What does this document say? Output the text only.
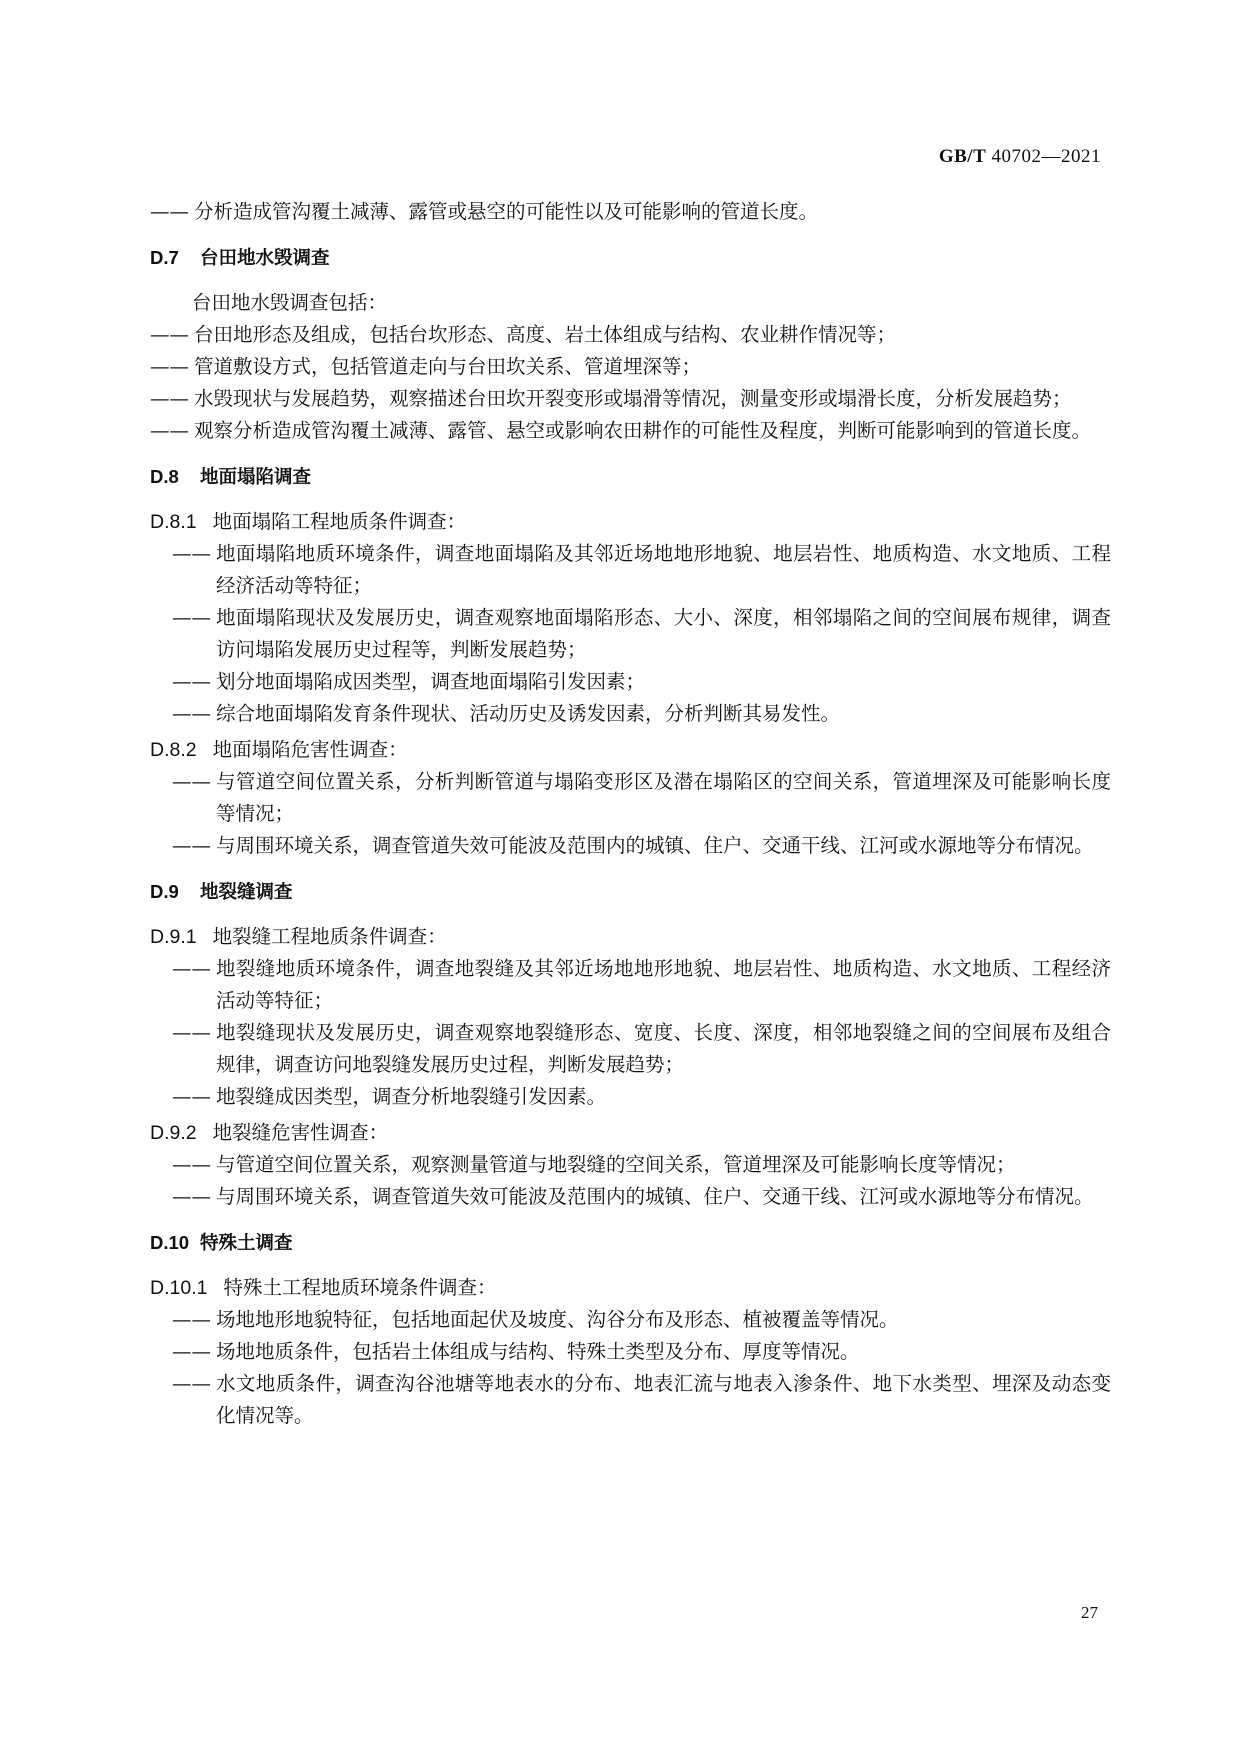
GB/T 40702—2021
—— 分析造成管沟覆土减薄、露管或悬空的可能性以及可能影响的管道长度。
D.7 台田地水毁调查
台田地水毁调查包括：
—— 台田地形态及组成，包括台坎形态、高度、岩土体组成与结构、农业耕作情况等；
—— 管道敷设方式，包括管道走向与台田坎关系、管道埋深等；
—— 水毁现状与发展趋势，观察描述台田坎开裂变形或塌滑等情况，测量变形或塌滑长度，分析发展趋势；
—— 观察分析造成管沟覆土减薄、露管、悬空或影响农田耕作的可能性及程度，判断可能影响到的管道长度。
D.8 地面塌陷调查
D.8.1 地面塌陷工程地质条件调查：
—— 地面塌陷地质环境条件，调查地面塌陷及其邻近场地地形地貌、地层岩性、地质构造、水文地质、工程经济活动等特征；
—— 地面塌陷现状及发展历史，调查观察地面塌陷形态、大小、深度，相邻塌陷之间的空间展布规律，调查访问塌陷发展历史过程等，判断发展趋势；
—— 划分地面塌陷成因类型，调查地面塌陷引发因素；
—— 综合地面塌陷发育条件现状、活动历史及诱发因素，分析判断其易发性。
D.8.2 地面塌陷危害性调查：
—— 与管道空间位置关系，分析判断管道与塌陷变形区及潜在塌陷区的空间关系，管道埋深及可能影响长度等情况；
—— 与周围环境关系，调查管道失效可能波及范围内的城镇、住户、交通干线、江河或水源地等分布情况。
D.9 地裂缝调查
D.9.1 地裂缝工程地质条件调查：
—— 地裂缝地质环境条件，调查地裂缝及其邻近场地地形地貌、地层岩性、地质构造、水文地质、工程经济活动等特征；
—— 地裂缝现状及发展历史，调查观察地裂缝形态、宽度、长度、深度，相邻地裂缝之间的空间展布及组合规律，调查访问地裂缝发展历史过程，判断发展趋势；
—— 地裂缝成因类型，调查分析地裂缝引发因素。
D.9.2 地裂缝危害性调查：
—— 与管道空间位置关系，观察测量管道与地裂缝的空间关系，管道埋深及可能影响长度等情况；
—— 与周围环境关系，调查管道失效可能波及范围内的城镇、住户、交通干线、江河或水源地等分布情况。
D.10 特殊土调查
D.10.1 特殊土工程地质环境条件调查：
—— 场地地形地貌特征，包括地面起伏及坡度、沟谷分布及形态、植被覆盖等情况。
—— 场地地质条件，包括岩土体组成与结构、特殊土类型及分布、厚度等情况。
—— 水文地质条件，调查沟谷池塘等地表水的分布、地表汇流与地表入渗条件、地下水类型、埋深及动态变化情况等。
27
